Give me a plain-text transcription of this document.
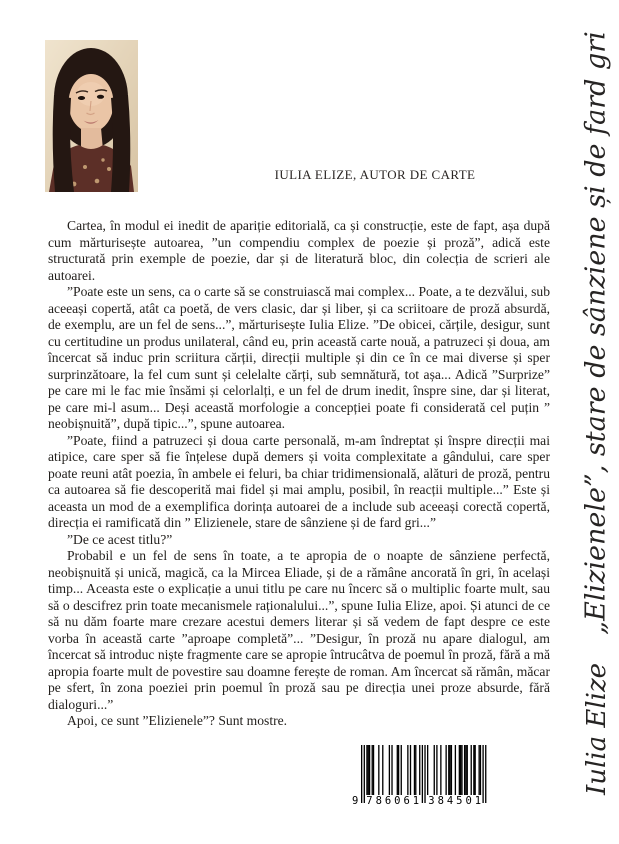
IULIA ELIZE, AUTOR DE CARTE

Cartea, în modul ei inedit de apariție editorială, ca și construcție, este de fapt, așa după cum mărturisește autoarea, ”un compendiu complex de poezie și proză”, adică este structurată prin exemple de poezie, dar și de literatură bloc, din colecția de scrieri ale autoarei.

”Poate este un sens, ca o carte să se construiască mai complex... Poate, a te dezvălui, sub aceeași copertă, atât ca poetă, de vers clasic, dar și liber, și ca scriitoare de proză absurdă, de exemplu, are un fel de sens...”, mărturisește Iulia Elize. ”De obicei, cărțile, desigur, sunt cu certitudine un produs unilateral, când eu, prin această carte nouă, a patruzeci și doua, am încercat să induc prin scriitura cărții, direcții multiple și din ce în ce mai diverse și sper surprinzătoare, la fel cum sunt și celelalte cărți, sub semnătură, tot așa... Adică ”Surprize” pe care mi le fac mie însămi și celorlalți, e un fel de drum inedit, înspre sine, dar și literat, pe care mi-l asum... Deși această morfologie a concepției poate fi considerată cel puțin ” neobișnuită”, după tipic...”, spune autoarea.

”Poate, fiind a patruzeci și doua carte personală, m-am îndreptat și înspre direcții mai atipice, care sper să fie înțelese după demers și voita complexitate a gândului, care sper poate reuni atât poezia, în ambele ei feluri, ba chiar tridimensională, alături de proză, pentru ca autoarea să fie descoperită mai fidel și mai amplu, posibil, în reacții multiple...” Este și aceasta un mod de a exemplifica dorința autoarei de a include sub aceeași corectă copertă, direcția ei ramificată din ” Elizienele, stare de sânziene și de fard gri...”

”De ce acest titlu?”

Probabil e un fel de sens în toate, a te apropia de o noapte de sânziene perfectă, neobișnuită și unică, magică, ca la Mircea Eliade, și de a rămâne ancorată în gri, în același timp... Aceasta este o explicație a unui titlu pe care nu încerc să o multiplic foarte mult, sau să o descifrez prin toate mecanismele raționalului...”, spune Iulia Elize, apoi. Și atunci de ce să nu dăm foarte mare crezare acestui demers literar și să vedem de fapt despre ce este vorba în această carte ”aproape completă”... ”Desigur, în proză nu apare dialogul, am încercat să introduc niște fragmente care se apropie întrucâtva de poemul în proză, fără a mă apropia foarte mult de povestire sau doamne ferește de roman. Am încercat să rămân, măcar pe sfert, în zona poeziei prin poemul în proză sau pe direcția unei proze absurde, fără dialoguri...”

Apoi, ce sunt ”Elizienele”? Sunt mostre.

„Elizienele”, stare de sânziene și de fard gri
Iulia Elize
9 786061 384501
